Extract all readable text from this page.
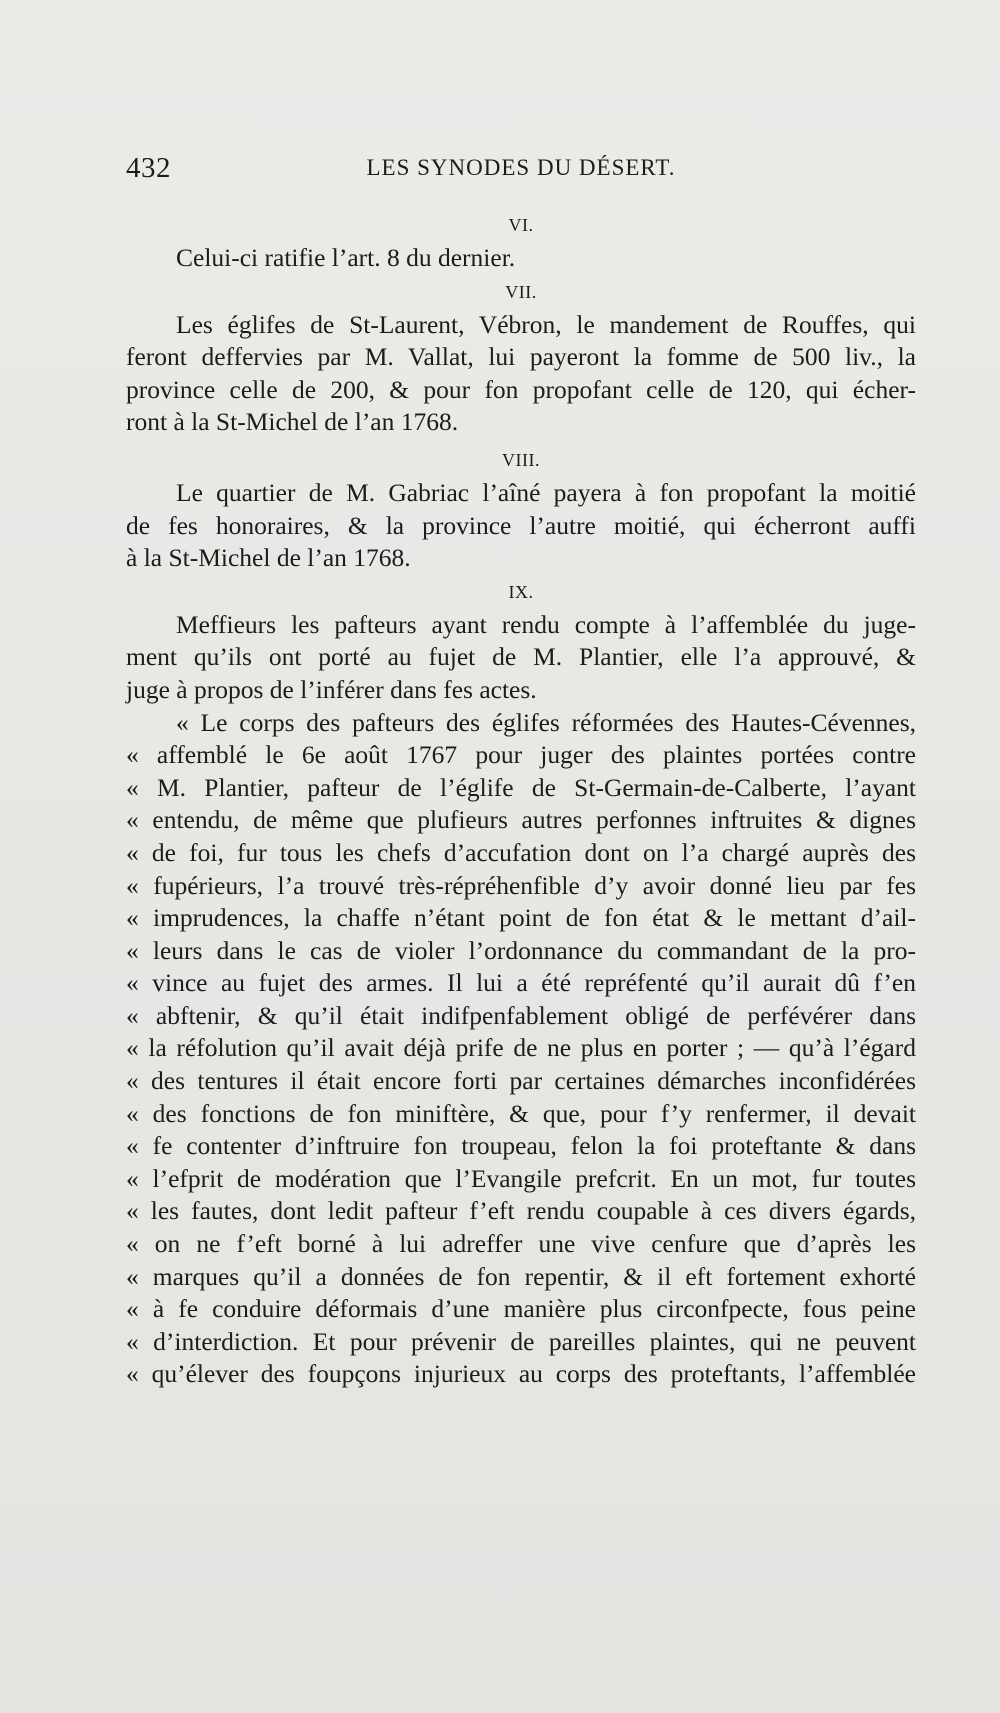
432	LES SYNODES DU DÉSERT.
VI.
Celui-ci ratifie l’art. 8 du dernier.
VII.
Les églifes de St-Laurent, Vébron, le mandement de Rouffes, qui
feront deffervies par M. Vallat, lui payeront la fomme de 500 liv., la
province celle de 200, & pour fon propofant celle de 120, qui écher-
ront à la St-Michel de l’an 1768.
VIII.
Le quartier de M. Gabriac l’aîné payera à fon propofant la moitié
de fes honoraires, & la province l’autre moitié, qui écherront auffi
à la St-Michel de l’an 1768.
IX.
Meffieurs les pafteurs ayant rendu compte à l’affemblée du juge-
ment qu’ils ont porté au fujet de M. Plantier, elle l’a approuvé, &
juge à propos de l’inférer dans fes actes.
« Le corps des pafteurs des églifes réformées des Hautes-Cévennes,
« affemblé le 6e août 1767 pour juger des plaintes portées contre
« M. Plantier, pafteur de l’églife de St-Germain-de-Calberte, l’ayant
« entendu, de même que plufieurs autres perfonnes inftruites & dignes
« de foi, fur tous les chefs d’accufation dont on l’a chargé auprès des
« fupérieurs, l’a trouvé très-répréhenfible d’y avoir donné lieu par fes
« imprudences, la chaffe n’étant point de fon état & le mettant d’ail-
« leurs dans le cas de violer l’ordonnance du commandant de la pro-
« vince au fujet des armes. Il lui a été repréfenté qu’il aurait dû f’en
« abftenir, & qu’il était indifpenfablement obligé de perfévérer dans
« la réfolution qu’il avait déjà prife de ne plus en porter ; — qu’à l’égard
« des tentures il était encore forti par certaines démarches inconfidérées
« des fonctions de fon miniftère, & que, pour f’y renfermer, il devait
« fe contenter d’inftruire fon troupeau, felon la foi proteftante & dans
« l’efprit de modération que l’Evangile prefcrit. En un mot, fur toutes
« les fautes, dont ledit pafteur f’eft rendu coupable à ces divers égards,
« on ne f’eft borné à lui adreffer une vive cenfure que d’après les
« marques qu’il a données de fon repentir, & il eft fortement exhorté
« à fe conduire déformais d’une manière plus circonfpecte, fous peine
« d’interdiction. Et pour prévenir de pareilles plaintes, qui ne peuvent
« qu’élever des foupçons injurieux au corps des proteftants, l’affemblée
